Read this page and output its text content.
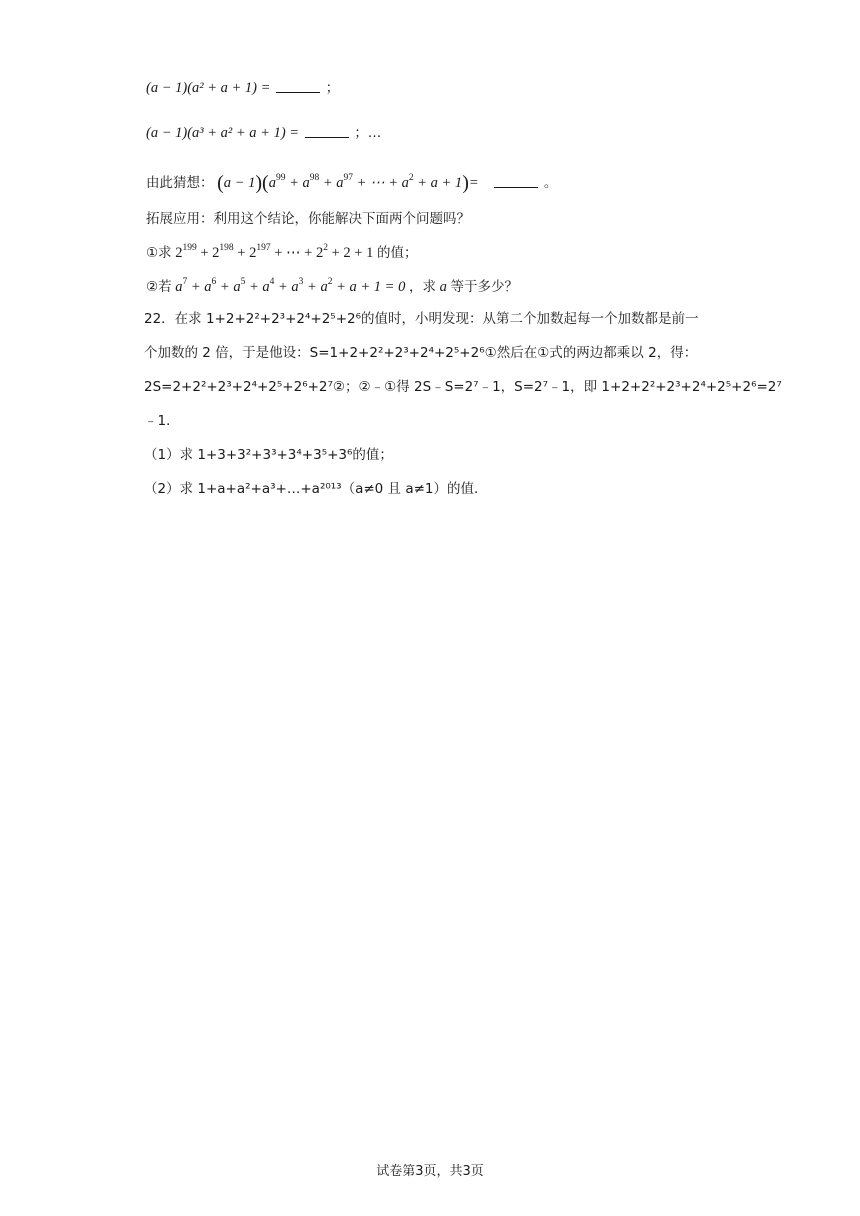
(a − 1)(a² + a + 1) =	；
(a − 1)(a³ + a² + a + 1) =	；…
由此猜想： $(a - 1)(a^{99} + a^{98} + a^{97}$ + ⋯ + $a^2 + a + 1)=$	。
拓展应用：利用这个结论，你能解决下面两个问题吗？
①求 $2^{199} + 2^{198} + 2^{197}$ + ⋯ + $2^2 + 2 + 1$ 的值；
②若 $a^7 + a^6 + a^5 + a^4 + a^3 + a^2 + a + 1 = 0$ ，求 a 等于多少？
22．在求 1+2+2²+2³+2⁴+2⁵+2⁶的值时，小明发现：从第二个加数起每一个加数都是前一
个加数的 2 倍，于是他设：S=1+2+2²+2³+2⁴+2⁵+2⁶①然后在①式的两边都乘以 2，得：
2S=2+2²+2³+2⁴+2⁵+2⁶+2⁷②；②﹣①得 2S﹣S=2⁷﹣1，S=2⁷﹣1，即 1+2+2²+2³+2⁴+2⁵+2⁶=2⁷
﹣1．
（1）求 1+3+3²+3³+3⁴+3⁵+3⁶的值；
（2）求 1+a+a²+a³+…+a²⁰¹³（a≠0 且 a≠1）的值．
试卷第3页，共3页
